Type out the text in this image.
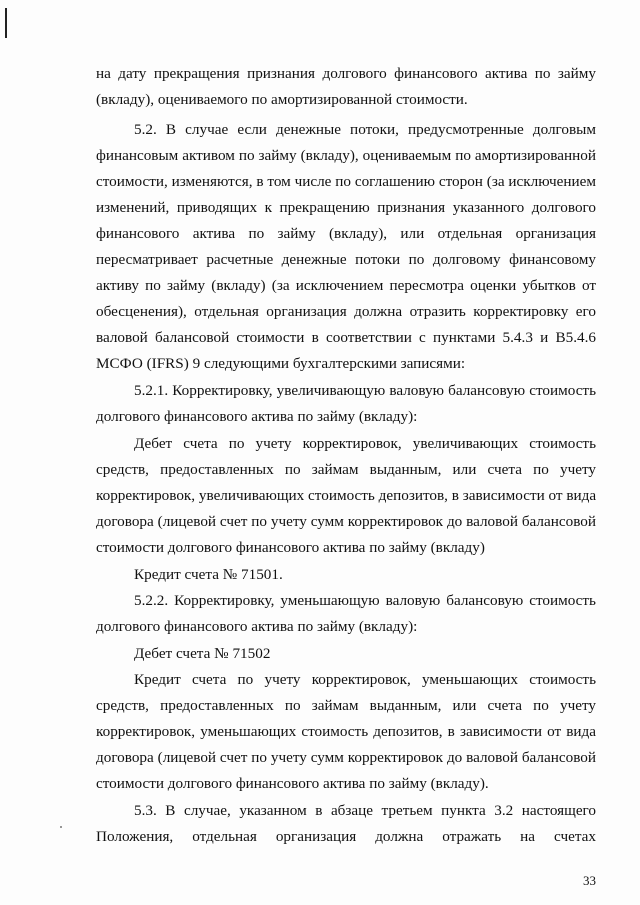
на дату прекращения признания долгового финансового актива по займу
(вкладу), оцениваемого по амортизированной стоимости.
5.2. В случае если денежные потоки, предусмотренные долговым
финансовым активом по займу (вкладу), оцениваемым по амортизированной
стоимости, изменяются, в том числе по соглашению сторон (за исключением
изменений, приводящих к прекращению признания указанного долгового
финансового актива по займу (вкладу), или отдельная организация
пересматривает расчетные денежные потоки по долговому финансовому
активу по займу (вкладу) (за исключением пересмотра оценки убытков от
обесценения), отдельная организация должна отразить корректировку его
валовой балансовой стоимости в соответствии с пунктами 5.4.3 и В5.4.6
МСФО (IFRS) 9 следующими бухгалтерскими записями:
5.2.1. Корректировку, увеличивающую валовую балансовую стоимость
долгового финансового актива по займу (вкладу):
Дебет счета по учету корректировок, увеличивающих стоимость
средств, предоставленных по займам выданным, или счета по учету
корректировок, увеличивающих стоимость депозитов, в зависимости от вида
договора (лицевой счет по учету сумм корректировок до валовой балансовой
стоимости долгового финансового актива по займу (вкладу)
Кредит счета № 71501.
5.2.2. Корректировку, уменьшающую валовую балансовую стоимость
долгового финансового актива по займу (вкладу):
Дебет счета № 71502
Кредит счета по учету корректировок, уменьшающих стоимость
средств, предоставленных по займам выданным, или счета по учету
корректировок, уменьшающих стоимость депозитов, в зависимости от вида
договора (лицевой счет по учету сумм корректировок до валовой балансовой
стоимости долгового финансового актива по займу (вкладу).
5.3. В случае, указанном в абзаце третьем пункта 3.2 настоящего
Положения, отдельная организация должна отражать на счетах
33
